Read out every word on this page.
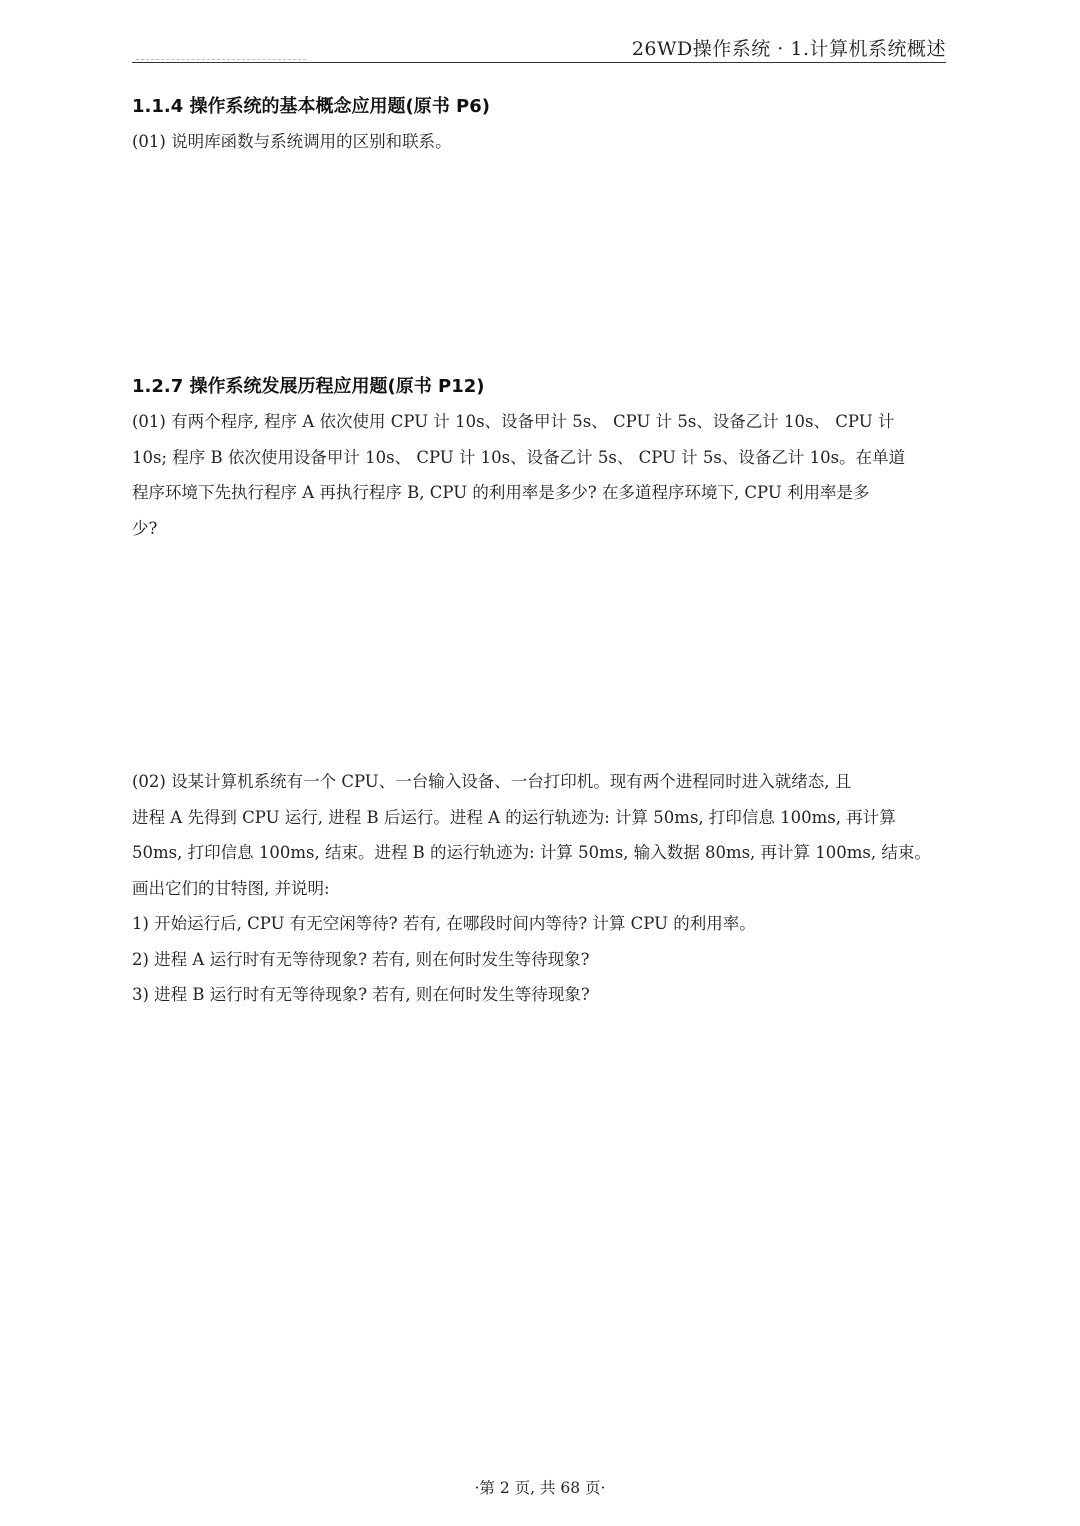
26WD操作系统 · 1.计算机系统概述
1.1.4 操作系统的基本概念应用题(原书 P6)
(01) 说明库函数与系统调用的区别和联系。
1.2.7 操作系统发展历程应用题(原书 P12)
(01) 有两个程序, 程序 A 依次使用 CPU 计 10s、设备甲计 5s、 CPU 计 5s、设备乙计 10s、 CPU 计
10s; 程序 B 依次使用设备甲计 10s、 CPU 计 10s、设备乙计 5s、 CPU 计 5s、设备乙计 10s。在单道
程序环境下先执行程序 A 再执行程序 B, CPU 的利用率是多少? 在多道程序环境下, CPU 利用率是多
少?
(02) 设某计算机系统有一个 CPU、一台输入设备、一台打印机。现有两个进程同时进入就绪态, 且
进程 A 先得到 CPU 运行, 进程 B 后运行。进程 A 的运行轨迹为: 计算 50ms, 打印信息 100ms, 再计算
50ms, 打印信息 100ms, 结束。进程 B 的运行轨迹为: 计算 50ms, 输入数据 80ms, 再计算 100ms, 结束。
画出它们的甘特图, 并说明:
1) 开始运行后, CPU 有无空闲等待? 若有, 在哪段时间内等待? 计算 CPU 的利用率。
2) 进程 A 运行时有无等待现象? 若有, 则在何时发生等待现象?
3) 进程 B 运行时有无等待现象? 若有, 则在何时发生等待现象?
·第 2 页, 共 68 页·
